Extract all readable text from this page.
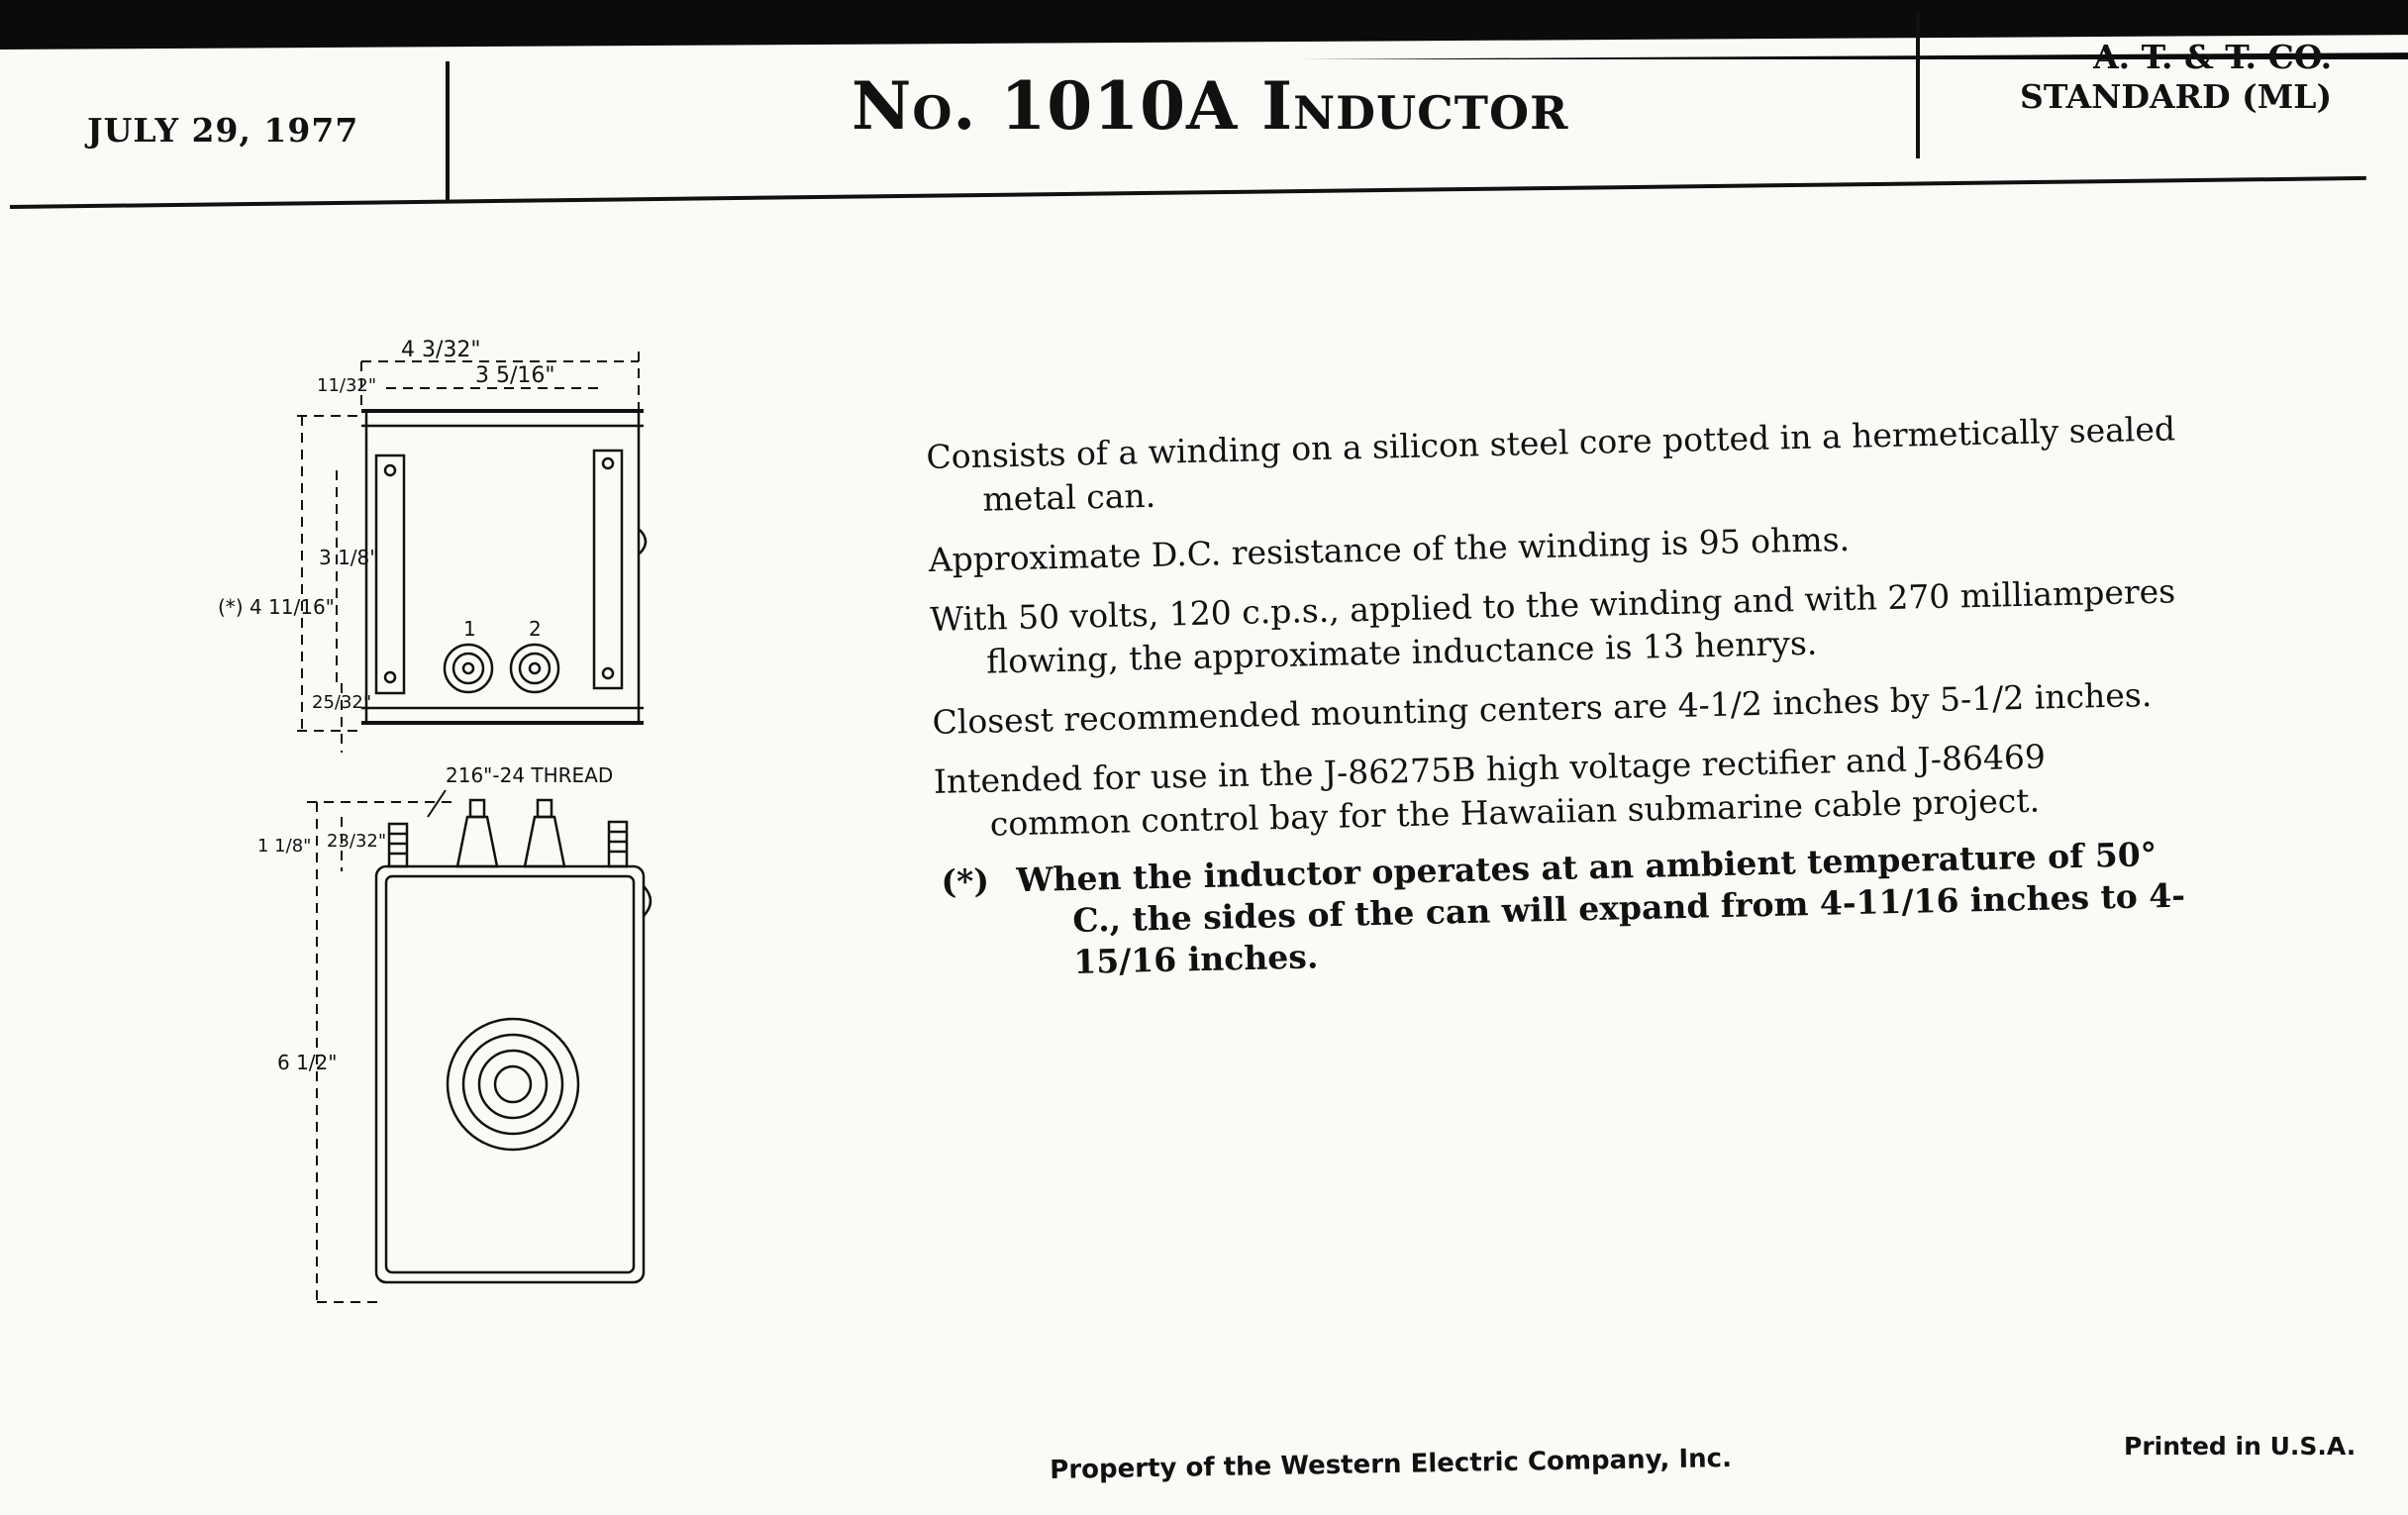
JULY 29, 1977	No. 1010A Inductor
A. T. & T. CO.
STANDARD (ML)
4 3/32"
3 5/16"
11/32"
3 1/8"
(*) 4 11/16"
25/32"
1	2
216"-24 THREAD
1 1/8" 23/32"
6 1/2"

Consists of a winding on a silicon steel core potted in a hermetically sealed metal can.

Approximate D.C. resistance of the winding is 95 ohms.

With 50 volts, 120 c.p.s., applied to the winding and with 270 milliamperes flowing, the approximate inductance is 13 henrys.

Closest recommended mounting centers are 4-1/2 inches by 5-1/2 inches.

Intended for use in the J-86275B high voltage rectifier and J-86469 common control bay for the Hawaiian submarine cable project.

(*) When the inductor operates at an ambient temperature of 50° C., the sides of the can will expand from 4-11/16 inches to 4-15/16 inches.
Property of the Western Electric Company, Inc.	Printed in U.S.A.
